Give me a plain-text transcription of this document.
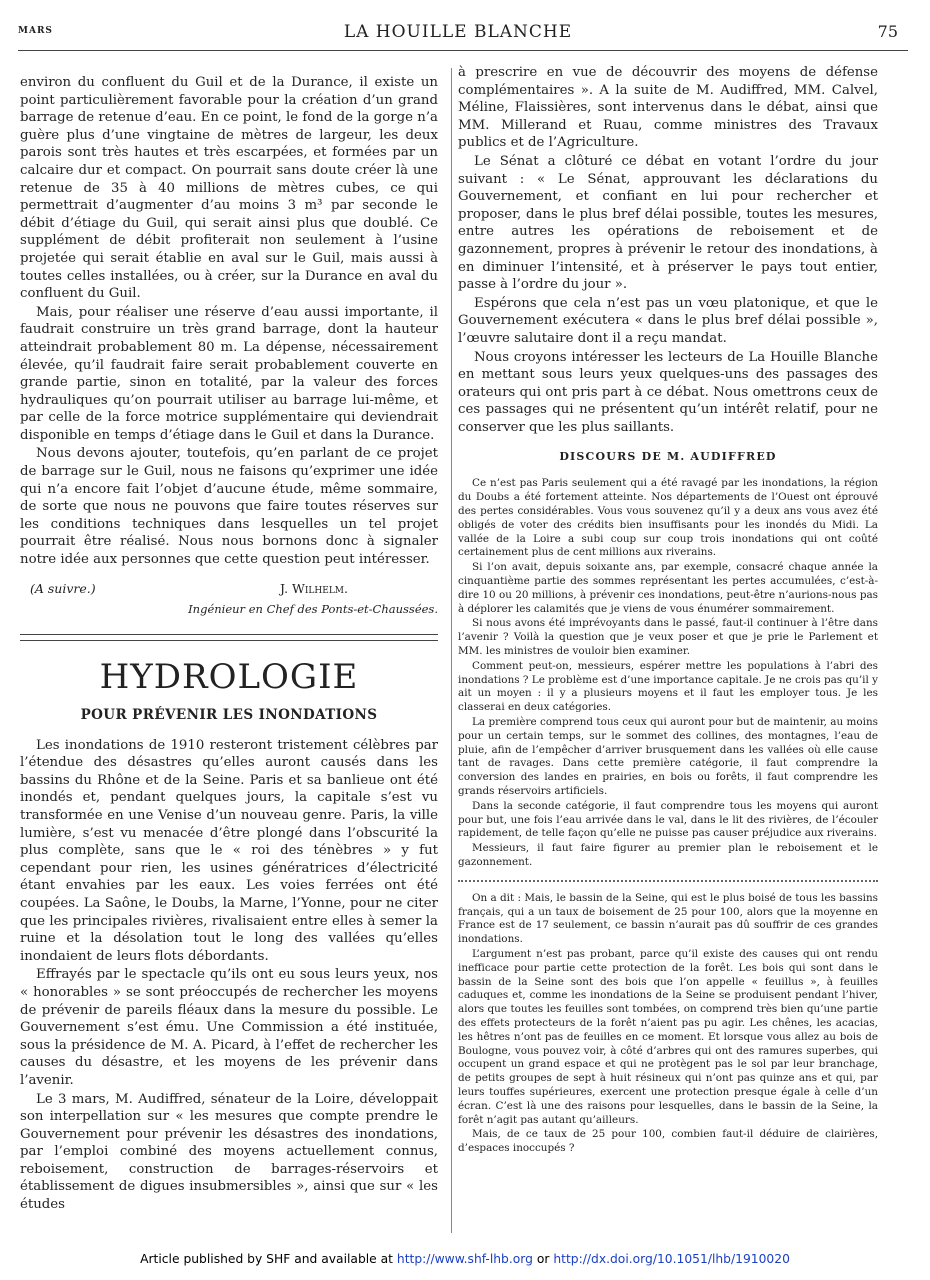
MARS	LA HOUILLE BLANCHE	75

environ du confluent du Guil et de la Durance, il existe un point particulièrement favorable pour la création d’un grand barrage de retenue d’eau. En ce point, le fond de la gorge n’a guère plus d’une vingtaine de mètres de largeur, les deux parois sont très hautes et très escarpées, et formées par un calcaire dur et compact. On pourrait sans doute créer là une retenue de 35 à 40 millions de mètres cubes, ce qui permettrait d’augmenter d’au moins 3 m³ par seconde le débit d’étiage du Guil, qui serait ainsi plus que doublé. Ce supplément de débit profiterait non seulement à l’usine projetée qui serait établie en aval sur le Guil, mais aussi à toutes celles installées, ou à créer, sur la Durance en aval du confluent du Guil.

Mais, pour réaliser une réserve d’eau aussi importante, il faudrait construire un très grand barrage, dont la hauteur atteindrait probablement 80 m. La dépense, nécessairement élevée, qu’il faudrait faire serait probablement couverte en grande partie, sinon en totalité, par la valeur des forces hydrauliques qu’on pourrait utiliser au barrage lui-même, et par celle de la force motrice supplémentaire qui deviendrait disponible en temps d’étiage dans le Guil et dans la Durance.

Nous devons ajouter, toutefois, qu’en parlant de ce projet de barrage sur le Guil, nous ne faisons qu’exprimer une idée qui n’a encore fait l’objet d’aucune étude, même sommaire, de sorte que nous ne pouvons que faire toutes réserves sur les conditions techniques dans lesquelles un tel projet pourrait être réalisé. Nous nous bornons donc à signaler notre idée aux personnes que cette question peut intéresser.

(A suivre.)	J. Wilhelm.
Ingénieur en Chef des Ponts-et-Chaussées.
HYDROLOGIE
POUR PRÉVENIR LES INONDATIONS

Les inondations de 1910 resteront tristement célèbres par l’étendue des désastres qu’elles auront causés dans les bassins du Rhône et de la Seine. Paris et sa banlieue ont été inondés et, pendant quelques jours, la capitale s’est vu transformée en une Venise d’un nouveau genre. Paris, la ville lumière, s’est vu menacée d’être plongé dans l’obscurité la plus complète, sans que le « roi des ténèbres » y fut cependant pour rien, les usines génératrices d’électricité étant envahies par les eaux. Les voies ferrées ont été coupées. La Saône, le Doubs, la Marne, l’Yonne, pour ne citer que les principales rivières, rivalisaient entre elles à semer la ruine et la désolation tout le long des vallées qu’elles inondaient de leurs flots débordants.

Effrayés par le spectacle qu’ils ont eu sous leurs yeux, nos « honorables » se sont préoccupés de rechercher les moyens de prévenir de pareils fléaux dans la mesure du possible. Le Gouvernement s’est ému. Une Commission a été instituée, sous la présidence de M. A. Picard, à l’effet de rechercher les causes du désastre, et les moyens de les prévenir dans l’avenir.

Le 3 mars, M. Audiffred, sénateur de la Loire, développait son interpellation sur « les mesures que compte prendre le Gouvernement pour prévenir les désastres des inondations, par l’emploi combiné des moyens actuellement connus, reboisement, construction de barrages-réservoirs et établissement de digues insubmersibles », ainsi que sur « les études

à prescrire en vue de découvrir des moyens de défense complémentaires ». A la suite de M. Audiffred, MM. Calvel, Méline, Flaissières, sont intervenus dans le débat, ainsi que MM. Millerand et Ruau, comme ministres des Travaux publics et de l’Agriculture.

Le Sénat a clôturé ce débat en votant l’ordre du jour suivant : « Le Sénat, approuvant les déclarations du Gouvernement, et confiant en lui pour rechercher et proposer, dans le plus bref délai possible, toutes les mesures, entre autres les opérations de reboisement et de gazonnement, propres à prévenir le retour des inondations, à en diminuer l’intensité, et à préserver le pays tout entier, passe à l’ordre du jour ».

Espérons que cela n’est pas un vœu platonique, et que le Gouvernement exécutera « dans le plus bref délai possible », l’œuvre salutaire dont il a reçu mandat.

Nous croyons intéresser les lecteurs de La Houille Blanche en mettant sous leurs yeux quelques-uns des passages des orateurs qui ont pris part à ce débat. Nous omettrons ceux de ces passages qui ne présentent qu’un intérêt relatif, pour ne conserver que les plus saillants.

DISCOURS DE M. AUDIFFRED

Ce n’est pas Paris seulement qui a été ravagé par les inondations, la région du Doubs a été fortement atteinte. Nos départements de l’Ouest ont éprouvé des pertes considérables. Vous vous souvenez qu’il y a deux ans vous avez été obligés de voter des crédits bien insuffisants pour les inondés du Midi. La vallée de la Loire a subi coup sur coup trois inondations qui ont coûté certainement plus de cent millions aux riverains.

Si l’on avait, depuis soixante ans, par exemple, consacré chaque année la cinquantième partie des sommes représentant les pertes accumulées, c’est-à-dire 10 ou 20 millions, à prévenir ces inondations, peut-être n’aurions-nous pas à déplorer les calamités que je viens de vous énumérer sommairement.

Si nous avons été imprévoyants dans le passé, faut-il continuer à l’être dans l’avenir ? Voilà la question que je veux poser et que je prie le Parlement et MM. les ministres de vouloir bien examiner.

Comment peut-on, messieurs, espérer mettre les populations à l’abri des inondations ? Le problème est d’une importance capitale. Je ne crois pas qu’il y ait un moyen : il y a plusieurs moyens et il faut les employer tous. Je les classerai en deux catégories.

La première comprend tous ceux qui auront pour but de maintenir, au moins pour un certain temps, sur le sommet des collines, des montagnes, l’eau de pluie, afin de l’empêcher d’arriver brusquement dans les vallées où elle cause tant de ravages. Dans cette première catégorie, il faut comprendre la conversion des landes en prairies, en bois ou forêts, il faut comprendre les grands réservoirs artificiels.

Dans la seconde catégorie, il faut comprendre tous les moyens qui auront pour but, une fois l’eau arrivée dans le val, dans le lit des rivières, de l’écouler rapidement, de telle façon qu’elle ne puisse pas causer préjudice aux riverains.

Messieurs, il faut faire figurer au premier plan le reboisement et le gazonnement.

On a dit : Mais, le bassin de la Seine, qui est le plus boisé de tous les bassins français, qui a un taux de boisement de 25 pour 100, alors que la moyenne en France est de 17 seulement, ce bassin n’aurait pas dû souffrir de ces grandes inondations.

L’argument n’est pas probant, parce qu’il existe des causes qui ont rendu inefficace pour partie cette protection de la forêt. Les bois qui sont dans le bassin de la Seine sont des bois que l’on appelle « feuillus », à feuilles caduques et, comme les inondations de la Seine se produisent pendant l’hiver, alors que toutes les feuilles sont tombées, on comprend très bien qu’une partie des effets protecteurs de la forêt n’aient pas pu agir. Les chênes, les acacias, les hêtres n’ont pas de feuilles en ce moment. Et lorsque vous allez au bois de Boulogne, vous pouvez voir, à côté d’arbres qui ont des ramures superbes, qui occupent un grand espace et qui ne protègent pas le sol par leur branchage, de petits groupes de sept à huit résineux qui n’ont pas quinze ans et qui, par leurs touffes supérieures, exercent une protection presque égale à celle d’un écran. C’est là une des raisons pour lesquelles, dans le bassin de la Seine, la forêt n’agit pas autant qu’ailleurs.

Mais, de ce taux de 25 pour 100, combien faut-il déduire de clairières, d’espaces inoccupés ?

Article published by SHF and available at http://www.shf-lhb.org or http://dx.doi.org/10.1051/lhb/1910020
